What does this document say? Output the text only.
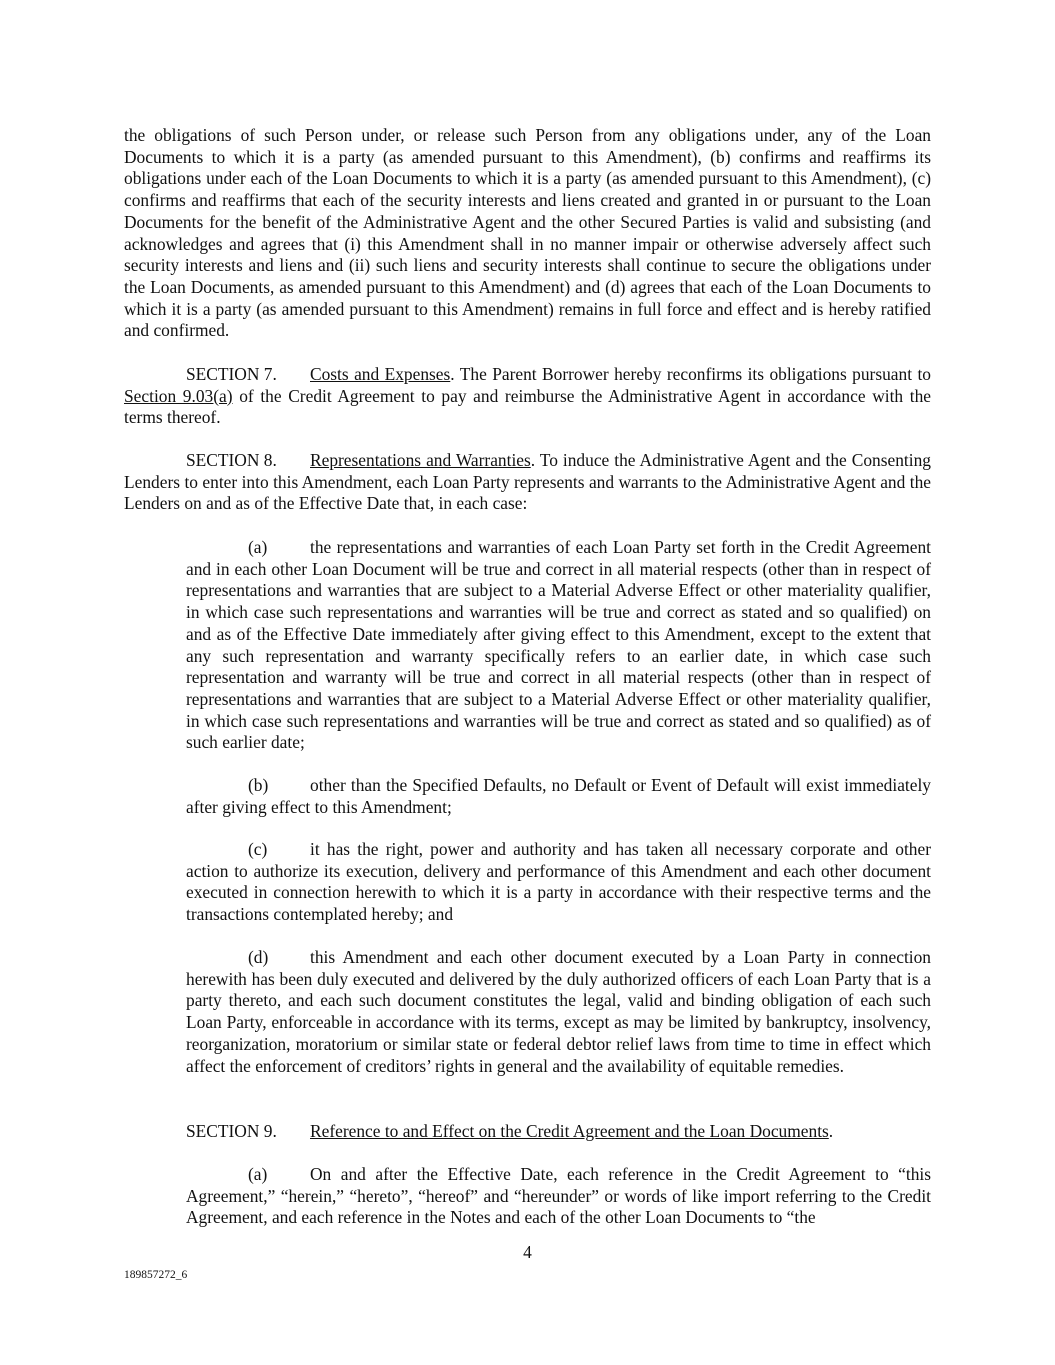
the obligations of such Person under, or release such Person from any obligations under, any of the Loan Documents to which it is a party (as amended pursuant to this Amendment), (b) confirms and reaffirms its obligations under each of the Loan Documents to which it is a party (as amended pursuant to this Amendment), (c) confirms and reaffirms that each of the security interests and liens created and granted in or pursuant to the Loan Documents for the benefit of the Administrative Agent and the other Secured Parties is valid and subsisting (and acknowledges and agrees that (i) this Amendment shall in no manner impair or otherwise adversely affect such security interests and liens and (ii) such liens and security interests shall continue to secure the obligations under the Loan Documents, as amended pursuant to this Amendment) and (d) agrees that each of the Loan Documents to which it is a party (as amended pursuant to this Amendment) remains in full force and effect and is hereby ratified and confirmed.

SECTION 7. Costs and Expenses. The Parent Borrower hereby reconfirms its obligations pursuant to Section 9.03(a) of the Credit Agreement to pay and reimburse the Administrative Agent in accordance with the terms thereof.

SECTION 8. Representations and Warranties. To induce the Administrative Agent and the Consenting Lenders to enter into this Amendment, each Loan Party represents and warrants to the Administrative Agent and the Lenders on and as of the Effective Date that, in each case:

(a) the representations and warranties of each Loan Party set forth in the Credit Agreement and in each other Loan Document will be true and correct in all material respects (other than in respect of representations and warranties that are subject to a Material Adverse Effect or other materiality qualifier, in which case such representations and warranties will be true and correct as stated and so qualified) on and as of the Effective Date immediately after giving effect to this Amendment, except to the extent that any such representation and warranty specifically refers to an earlier date, in which case such representation and warranty will be true and correct in all material respects (other than in respect of representations and warranties that are subject to a Material Adverse Effect or other materiality qualifier, in which case such representations and warranties will be true and correct as stated and so qualified) as of such earlier date;

(b) other than the Specified Defaults, no Default or Event of Default will exist immediately after giving effect to this Amendment;

(c) it has the right, power and authority and has taken all necessary corporate and other action to authorize its execution, delivery and performance of this Amendment and each other document executed in connection herewith to which it is a party in accordance with their respective terms and the transactions contemplated hereby; and

(d) this Amendment and each other document executed by a Loan Party in connection herewith has been duly executed and delivered by the duly authorized officers of each Loan Party that is a party thereto, and each such document constitutes the legal, valid and binding obligation of each such Loan Party, enforceable in accordance with its terms, except as may be limited by bankruptcy, insolvency, reorganization, moratorium or similar state or federal debtor relief laws from time to time in effect which affect the enforcement of creditors’ rights in general and the availability of equitable remedies.

SECTION 9. Reference to and Effect on the Credit Agreement and the Loan Documents.

(a) On and after the Effective Date, each reference in the Credit Agreement to “this Agreement,” “herein,” “hereto”, “hereof” and “hereunder” or words of like import referring to the Credit Agreement, and each reference in the Notes and each of the other Loan Documents to “the

4

189857272_6
